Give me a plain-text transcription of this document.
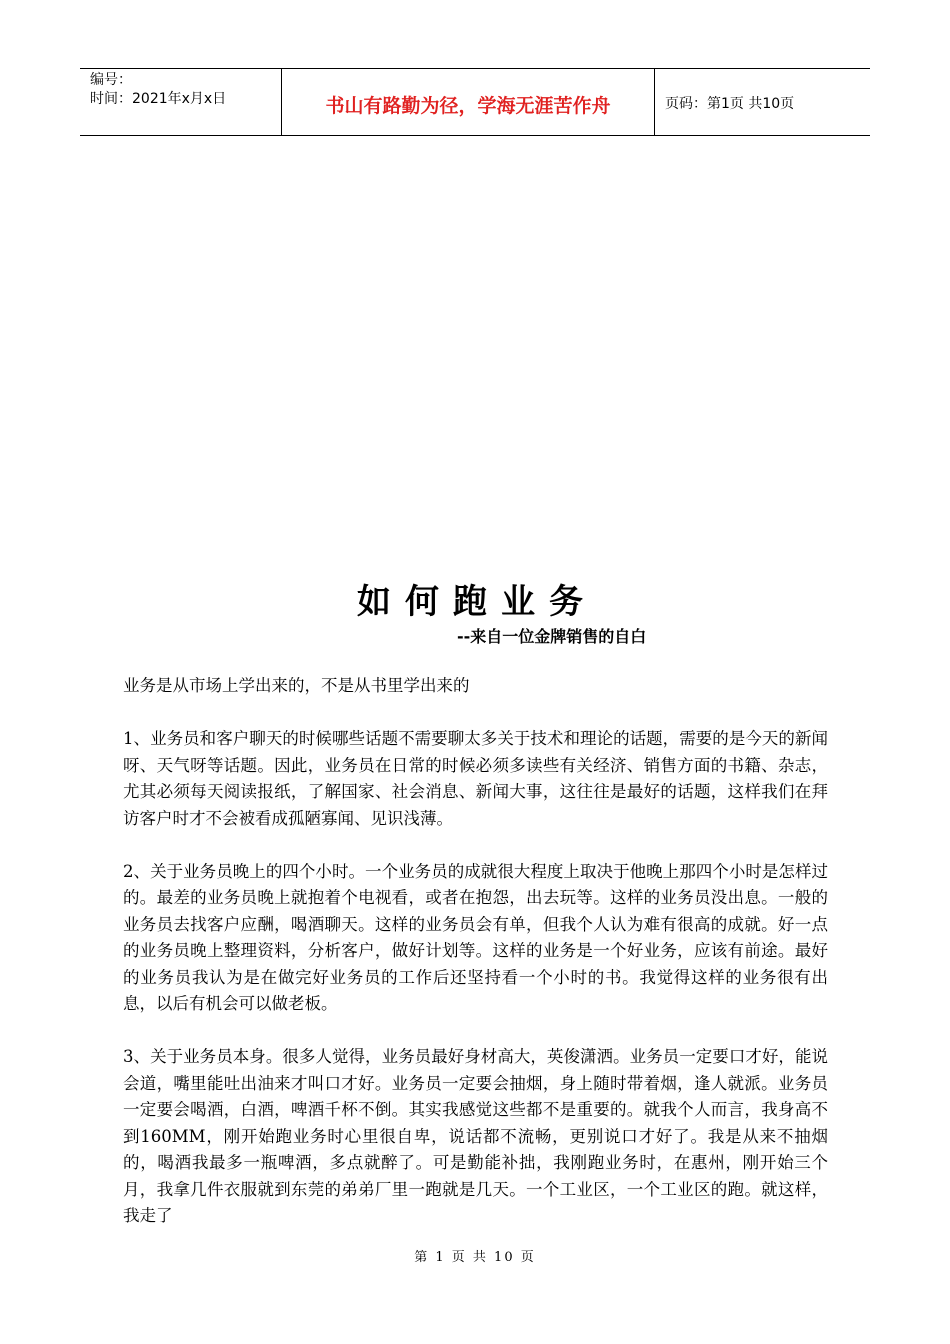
编号：
时间：2021年x月x日	书山有路勤为径，学海无涯苦作舟	页码：第1页 共10页
如何跑业务
--来自一位金牌销售的自白

业务是从市场上学出来的，不是从书里学出来的

1、业务员和客户聊天的时候哪些话题不需要聊太多关于技术和理论的话题，需要的是今天的新闻呀、天气呀等话题。因此，业务员在日常的时候必须多读些有关经济、销售方面的书籍、杂志，尤其必须每天阅读报纸，了解国家、社会消息、新闻大事，这往往是最好的话题，这样我们在拜访客户时才不会被看成孤陋寡闻、见识浅薄。

2、关于业务员晚上的四个小时。一个业务员的成就很大程度上取决于他晚上那四个小时是怎样过的。最差的业务员晚上就抱着个电视看，或者在抱怨，出去玩等。这样的业务员没出息。一般的业务员去找客户应酬，喝酒聊天。这样的业务员会有单，但我个人认为难有很高的成就。好一点的业务员晚上整理资料，分析客户，做好计划等。这样的业务是一个好业务，应该有前途。最好的业务员我认为是在做完好业务员的工作后还坚持看一个小时的书。我觉得这样的业务很有出息，以后有机会可以做老板。

3、关于业务员本身。很多人觉得，业务员最好身材高大，英俊潇洒。业务员一定要口才好，能说会道，嘴里能吐出油来才叫口才好。业务员一定要会抽烟，身上随时带着烟，逢人就派。业务员一定要会喝酒，白酒，啤酒千杯不倒。其实我感觉这些都不是重要的。就我个人而言，我身高不到160MM，刚开始跑业务时心里很自卑，说话都不流畅，更别说口才好了。我是从来不抽烟的，喝酒我最多一瓶啤酒，多点就醉了。可是勤能补拙，我刚跑业务时，在惠州，刚开始三个月，我拿几件衣服就到东莞的弟弟厂里一跑就是几天。一个工业区，一个工业区的跑。就这样，我走了

第 1 页 共 10 页
